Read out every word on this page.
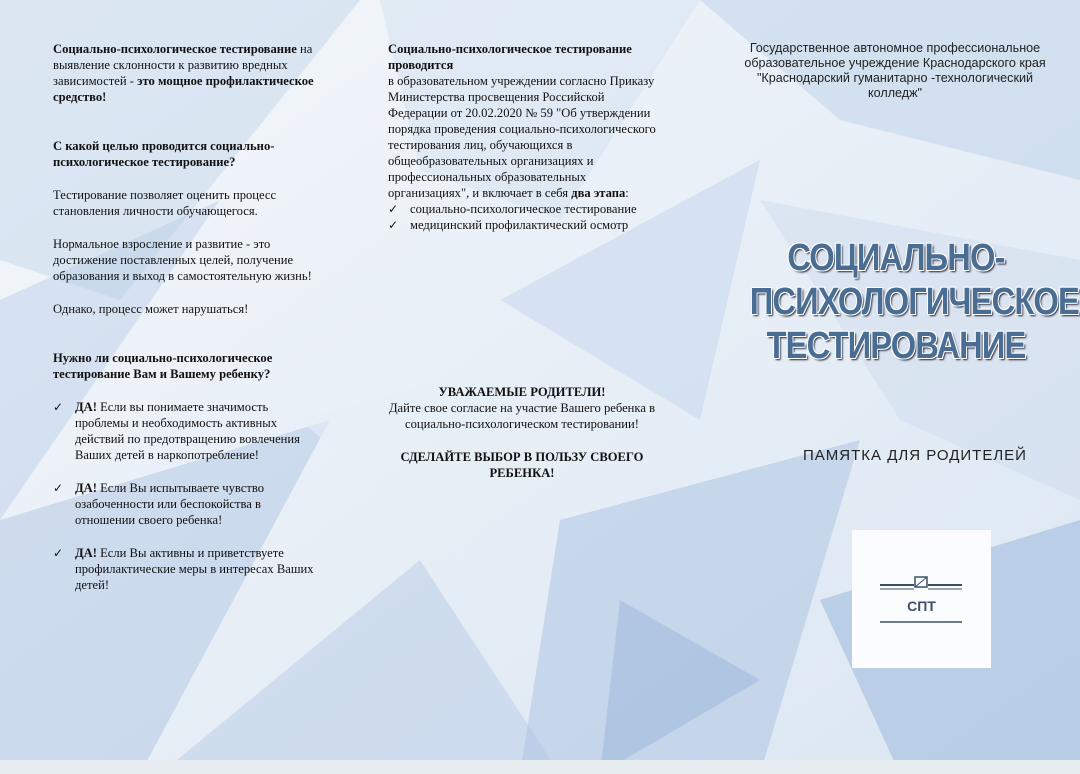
Социально-психологическое тестирование на выявление склонности к развитию вредных зависимостей - это мощное профилактическое средство!

С какой целью проводится социально-психологическое тестирование?

Тестирование позволяет оценить процесс становления личности обучающегося.

Нормальное взросление и развитие - это достижение поставленных целей, получение образования и выход в самостоятельную жизнь!

Однако, процесс может нарушаться!

Нужно ли социально-психологическое тестирование Вам и Вашему ребенку?

✓ ДА! Если вы понимаете значимость проблемы и необходимость активных действий по предотвращению вовлечения Ваших детей в наркопотребление!
✓ ДА! Если Вы испытываете чувство озабоченности или беспокойства в отношении своего ребенка!
✓ ДА! Если Вы активны и приветствуете профилактические меры в интересах Ваших детей!

Социально-психологическое тестирование проводится

в образовательном учреждении согласно Приказу Министерства просвещения Российской Федерации от 20.02.2020 № 59 "Об утверждении порядка проведения социально-психологического тестирования лиц, обучающихся в общеобразовательных организациях и профессиональных образовательных организациях", и включает в себя два этапа:

✓ социально-психологическое тестирование
✓ медицинский профилактический осмотр

УВАЖАЕМЫЕ РОДИТЕЛИ!

Дайте свое согласие на участие Вашего ребенка в социально-психологическом тестировании!

СДЕЛАЙТЕ ВЫБОР В ПОЛЬЗУ СВОЕГО РЕБЕНКА!

Государственное автономное профессиональное образовательное учреждение Краснодарского края "Краснодарский гуманитарно -технологический колледж"

СОЦИАЛЬНО-
ПСИХОЛОГИЧЕСКОЕ
ТЕСТИРОВАНИЕ
ПАМЯТКА ДЛЯ РОДИТЕЛЕЙ
СПТ
